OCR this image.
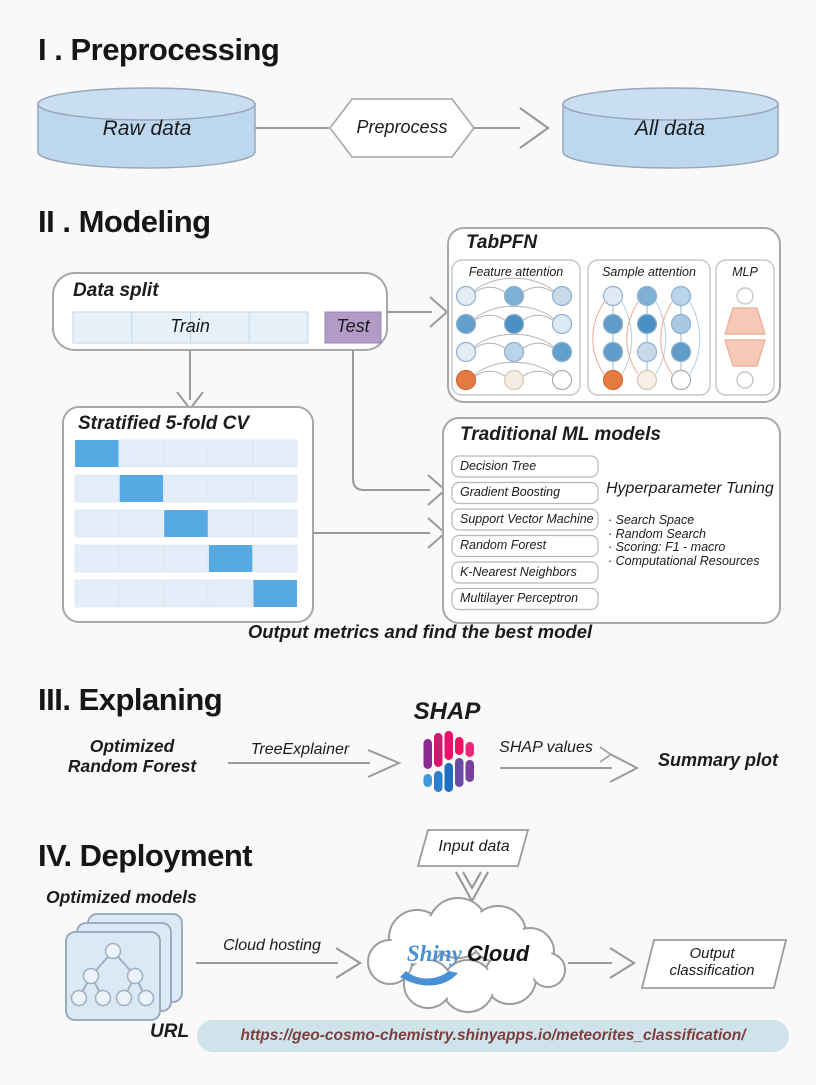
I . Preprocessing
Raw data	Preprocess	All data
II . Modeling
Data split
Train	Test
TabPFN
Feature attention	Sample attention	MLP
Stratified 5-fold CV
Traditional ML models
Decision Tree
Gradient Boosting
Support Vector Machine
Random Forest
K-Nearest Neighbors
Multilayer Perceptron
Hyperparameter Tuning
· Search Space
· Random Search
· Scoring: F1 - macro
· Computational Resources
Output metrics and find the best model
III. Explaning
Optimized
Random Forest
TreeExplainer
SHAP
SHAP values
Summary plot
IV. Deployment
Optimized models
Cloud hosting
Input data
Shiny Cloud	Output
classification
URL	https://geo-cosmo-chemistry.shinyapps.io/meteorites_classification/
